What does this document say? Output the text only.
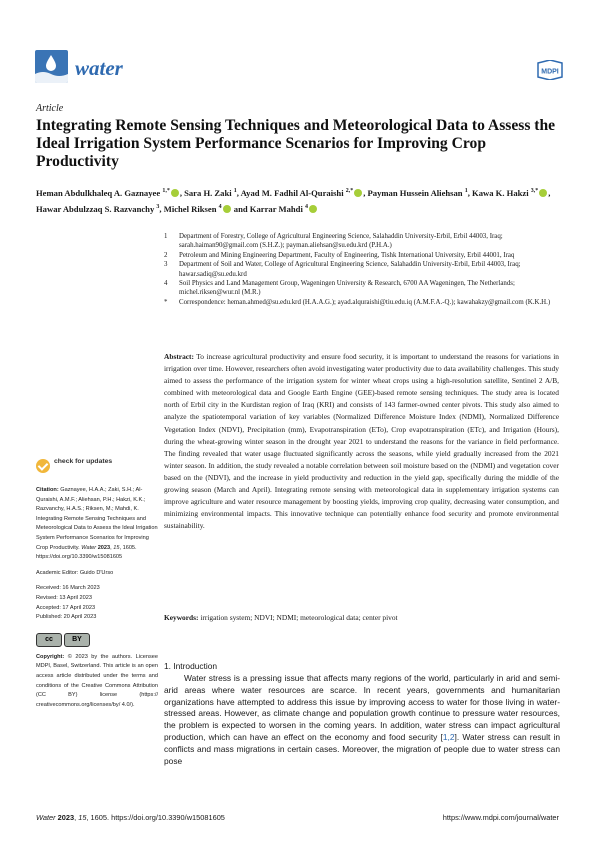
water	MDPI
Article
Integrating Remote Sensing Techniques and Meteorological Data to Assess the Ideal Irrigation System Performance Scenarios for Improving Crop Productivity
Heman Abdulkhaleq A. Gaznayee $^{1,*}$ , Sara H. Zaki $^1$, Ayad M. Fadhil Al-Quraishi $^{2,*}$ , Payman Hussein Aliehsan $^1$, Kawa K. Hakzi $^{3,*}$ , Hawar Abdulzzaq S. Razvanchy $^3$, Michel Riksen $^4$ and Karrar Mahdi $^4$
1 Department of Forestry, College of Agricultural Engineering Science, Salahaddin University-Erbil, Erbil 44003, Iraq; sarah.haiman90@gmail.com (S.H.Z.); payman.aliehsan@su.edu.krd (P.H.A.)
2 Petroleum and Mining Engineering Department, Faculty of Engineering, Tishk International University, Erbil 44001, Iraq
3 Department of Soil and Water, College of Agricultural Engineering Science, Salahaddin University-Erbil, Erbil 44003, Iraq; hawar.sadiq@su.edu.krd
4 Soil Physics and Land Management Group, Wageningen University & Research, 6700 AA Wageningen, The Netherlands; michel.riksen@wur.nl (M.R.)
* Correspondence: heman.ahmed@su.edu.krd (H.A.A.G.); ayad.alquraishi@tiu.edu.iq (A.M.F.A.-Q.); kawahakzy@gmail.com (K.K.H.)
Abstract: To increase agricultural productivity and ensure food security, it is important to understand the reasons for variations in irrigation over time. However, researchers often avoid investigating water productivity due to data availability challenges. This study aimed to assess the performance of the irrigation system for winter wheat crops using a high-resolution satellite, Sentinel 2 A/B, combined with meteorological data and Google Earth Engine (GEE)-based remote sensing techniques. The study area is located north of Erbil city in the Kurdistan region of Iraq (KRI) and consists of 143 farmer-owned center pivots. This study also aimed to analyze the spatiotemporal variation of key variables (Normalized Difference Moisture Index (NDMI), Normalized Difference Vegetation Index (NDVI), Precipitation (mm), Evapotranspiration (ETo), Crop evapotranspiration (ETc), and Irrigation (Hours), during the wheat-growing winter season in the drought year 2021 to understand the reasons for the variance in field performance. The finding revealed that water usage fluctuated significantly across the seasons, while yield gradually increased from the 2021 winter season. In addition, the study revealed a notable correlation between soil moisture based on the (NDMI) and vegetation cover based on the (NDVI), and the increase in yield productivity and reduction in the yield gap, specifically during the middle of the growing season (March and April). Integrating remote sensing with meteorological data in supplementary irrigation systems can improve agriculture and water resource management by boosting yields, improving crop quality, decreasing water consumption, and minimizing environmental impacts. This innovative technique can potentially enhance food security and promote environmental sustainability.
Keywords: irrigation system; NDVI; NDMI; meteorological data; center pivot
check for updates
Citation: Gaznayee, H.A.A.; Zaki, S.H.; Al-Quraishi, A.M.F.; Aliehsan, P.H.; Hakzi, K.K.; Razvanchy, H.A.S.; Riksen, M.; Mahdi, K. Integrating Remote Sensing Techniques and Meteorological Data to Assess the Ideal Irrigation System Performance Scenarios for Improving Crop Productivity. Water 2023, 15, 1605. https://doi.org/10.3390/w15081605
Academic Editor: Guido D'Urso
Received: 16 March 2023
Revised: 13 April 2023
Accepted: 17 April 2023
Published: 20 April 2023
cc	BY
Copyright: © 2023 by the authors. Licensee MDPI, Basel, Switzerland. This article is an open access article distributed under the terms and conditions of the Creative Commons Attribution (CC BY) license (https:// creativecommons.org/licenses/by/ 4.0/).
1. Introduction
Water stress is a pressing issue that affects many regions of the world, particularly in arid and semi-arid areas where water resources are scarce. In recent years, governments and humanitarian organizations have attempted to address this issue by improving access to water for those living in water-stressed areas. However, as climate change and population growth continue to pressure water resources, the problem is expected to worsen in the coming years. In addition, water stress can impact agricultural production, which can have an effect on the economy and food security [1,2]. Water stress can result in conflicts and mass migrations in certain cases. Moreover, the migration of people due to water stress can pose
Water 2023, 15, 1605. https://doi.org/10.3390/w15081605	https://www.mdpi.com/journal/water
